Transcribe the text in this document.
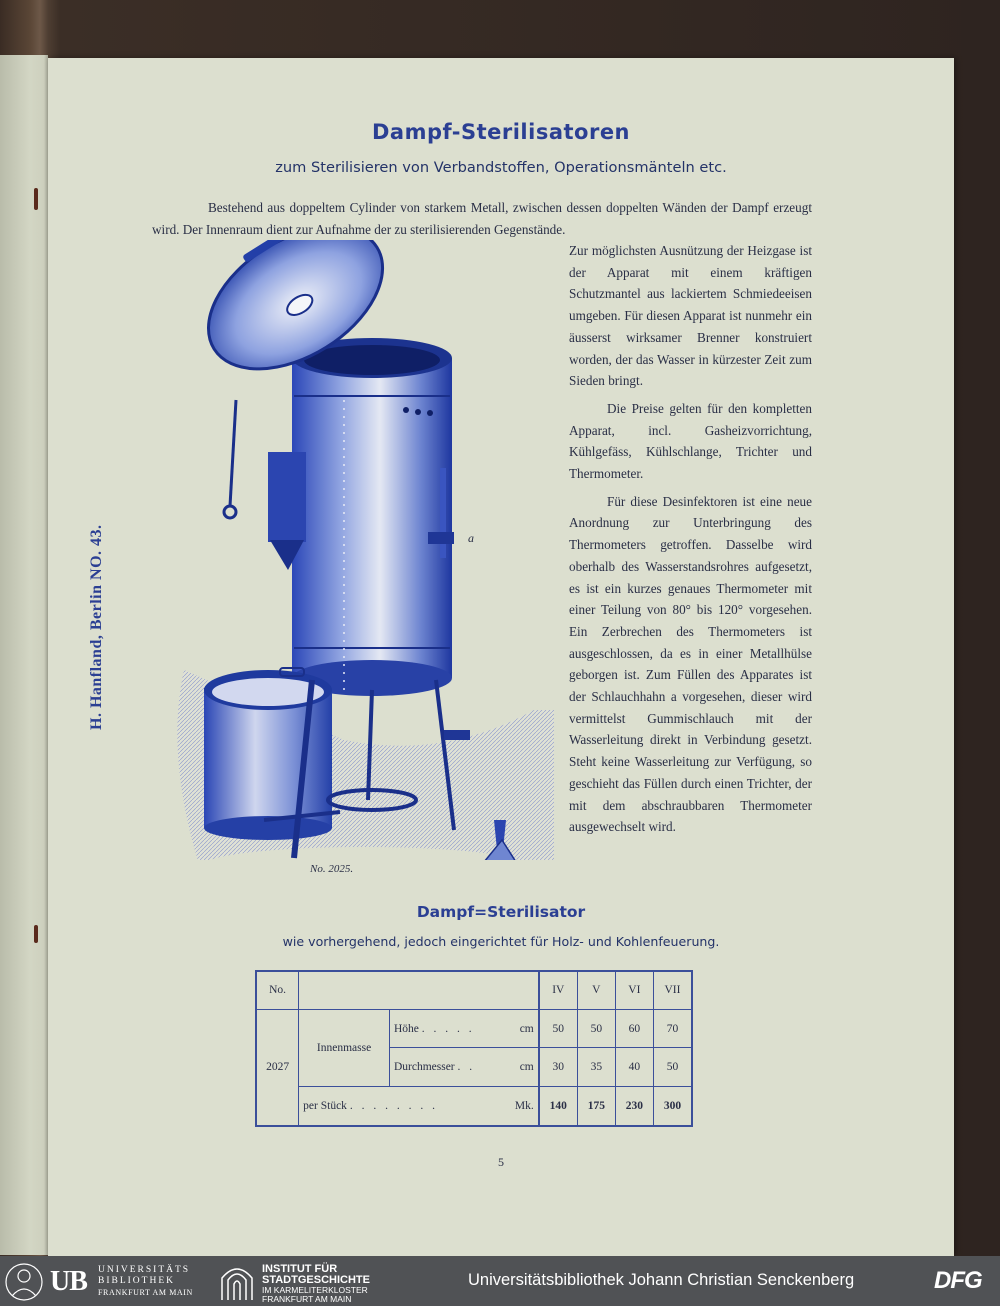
Dampf-Sterilisatoren
zum Sterilisieren von Verbandstoffen, Operationsmänteln etc.
H. Hanfland, Berlin NO. 43.
Bestehend aus doppeltem Cylinder von starkem Metall, zwischen dessen doppelten Wänden der Dampf erzeugt wird. Der Innenraum dient zur Aufnahme der zu sterilisierenden Gegenstände.
a
No. 2025.

Zur möglichsten Ausnützung der Heizgase ist der Apparat mit einem kräftigen Schutzmantel aus lackiertem Schmiedeeisen umgeben. Für diesen Apparat ist nunmehr ein äusserst wirksamer Brenner konstruiert worden, der das Wasser in kürzester Zeit zum Sieden bringt.

Die Preise gelten für den kompletten Apparat, incl. Gasheizvorrichtung, Kühlgefäss, Kühlschlange, Trichter und Thermometer.

Für diese Desinfektoren ist eine neue Anordnung zur Unterbringung des Thermometers getroffen. Dasselbe wird oberhalb des Wasserstandsrohres aufgesetzt, es ist ein kurzes genaues Thermometer mit einer Teilung von 80° bis 120° vorgesehen. Ein Zerbrechen des Thermometers ist ausgeschlossen, da es in einer Metallhülse geborgen ist. Zum Füllen des Apparates ist der Schlauchhahn a vorgesehen, dieser wird vermittelst Gummischlauch mit der Wasserleitung direkt in Verbindung gesetzt. Steht keine Wasserleitung zur Verfügung, so geschieht das Füllen durch einen Trichter, der mit dem abschraubbaren Thermometer ausgewechselt wird.

Dampf=Sterilisator
wie vorhergehend, jedoch eingerichtet für Holz- und Kohlenfeuerung.
No.				IV	V	VI	VII
2027	Innenmasse	Höhe . . . . .	cm	50	50	60	70
		Durchmesser . .	cm	30	35	40	50
	per Stück . . . . . . . .		Mk.	140	175	230	300
5
UB UNIVERSITÄTS
BIBLIOTHEK
FRANKFURT AM MAIN
INSTITUT FÜR
STADTGESCHICHTE
IM KARMELITERKLOSTER
FRANKFURT AM MAIN
Universitätsbibliothek Johann Christian Senckenberg	DFG
